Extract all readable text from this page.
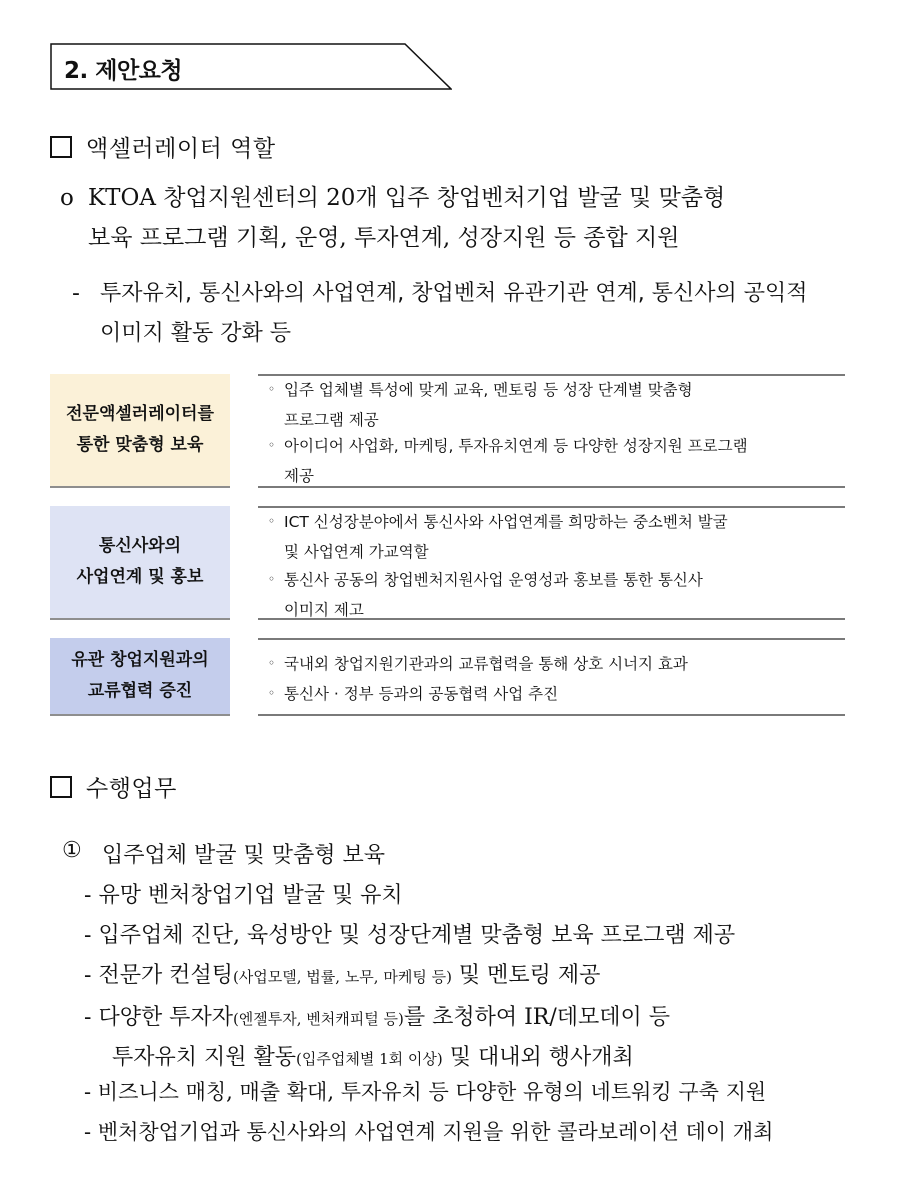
2. 제안요청
액셀러레이터 역할
o KTOA 창업지원센터의 20개 입주 창업벤처기업 발굴 및 맞춤형
보육 프로그램 기획, 운영, 투자연계, 성장지원 등 종합 지원
- 투자유치, 통신사와의 사업연계, 창업벤처 유관기관 연계, 통신사의 공익적
이미지 활동 강화 등
전문액셀러레이터를
통한 맞춤형 보육
◦ 입주 업체별 특성에 맞게 교육, 멘토링 등 성장 단계별 맞춤형
프로그램 제공
◦ 아이디어 사업화, 마케팅, 투자유치연계 등 다양한 성장지원 프로그램
제공
통신사와의
사업연계 및 홍보
◦ ICT 신성장분야에서 통신사와 사업연계를 희망하는 중소벤처 발굴
및 사업연계 가교역할
◦ 통신사 공동의 창업벤처지원사업 운영성과 홍보를 통한 통신사
이미지 제고
유관 창업지원과의
교류협력 증진
◦ 국내외 창업지원기관과의 교류협력을 통해 상호 시너지 효과
◦ 통신사 · 정부 등과의 공동협력 사업 추진
수행업무
① 입주업체 발굴 및 맞춤형 보육
- 유망 벤처창업기업 발굴 및 유치
- 입주업체 진단, 육성방안 및 성장단계별 맞춤형 보육 프로그램 제공
- 전문가 컨설팅(사업모델, 법률, 노무, 마케팅 등) 및 멘토링 제공
- 다양한 투자자(엔젤투자, 벤처캐피털 등)를 초청하여 IR/데모데이 등
투자유치 지원 활동(입주업체별 1회 이상) 및 대내외 행사개최
- 비즈니스 매칭, 매출 확대, 투자유치 등 다양한 유형의 네트워킹 구축 지원
- 벤처창업기업과 통신사와의 사업연계 지원을 위한 콜라보레이션 데이 개최
